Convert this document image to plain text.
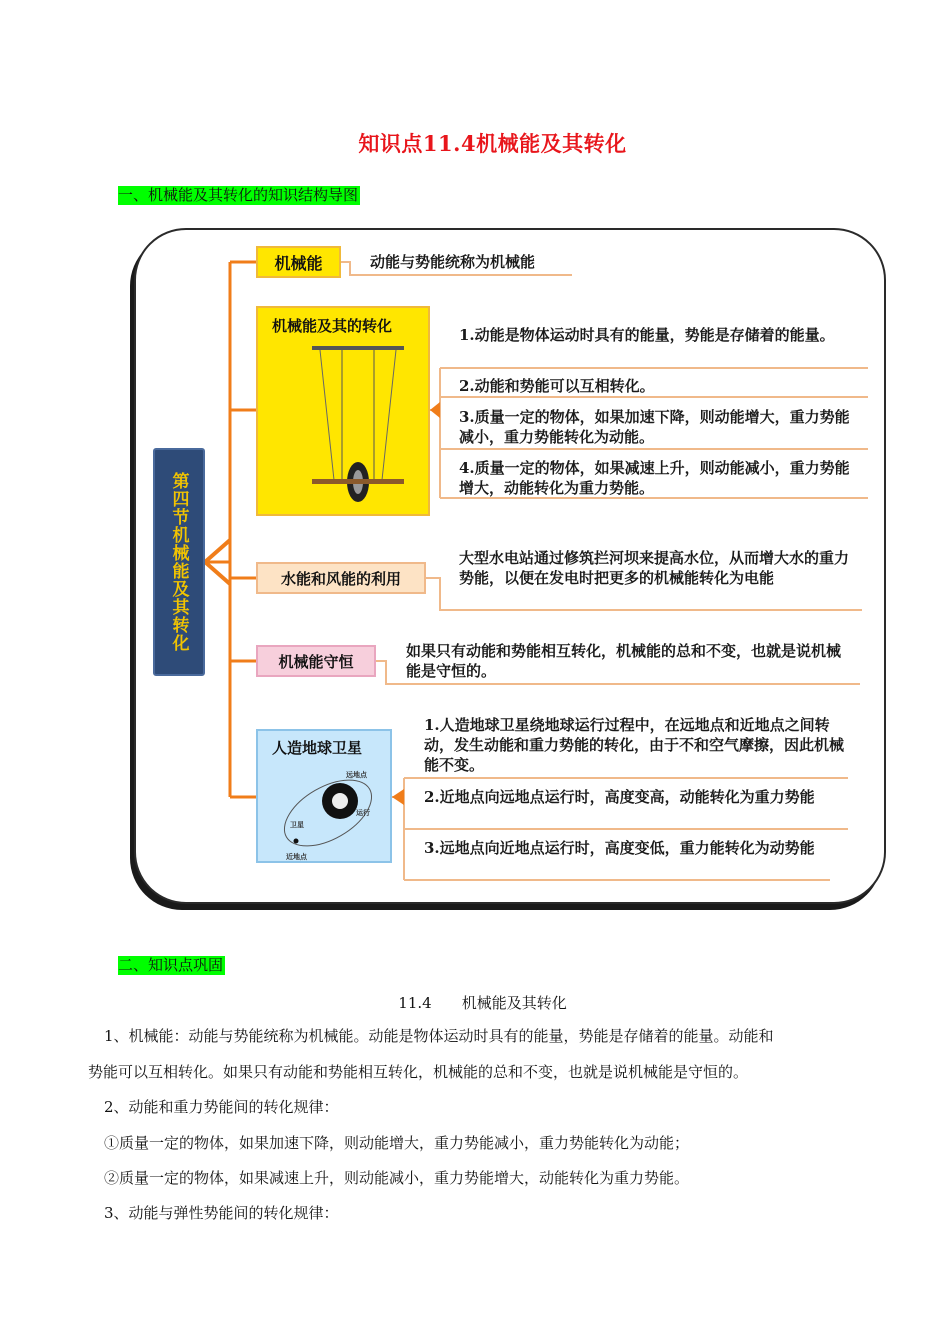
知识点11.4机械能及其转化
一、机械能及其转化的知识结构导图
第四节机械能及其转化
机械能	动能与势能统称为机械能

机械能及其的转化	1.动能是物体运动时具有的能量，势能是存储着的能量。

2.动能和势能可以互相转化。

3.质量一定的物体，如果加速下降，则动能增大，重力势能减小，重力势能转化为动能。

4.质量一定的物体，如果减速上升，则动能减小，重力势能增大，动能转化为重力势能。

水能和风能的利用

大型水电站通过修筑拦河坝来提高水位，从而增大水的重力势能，以便在发电时把更多的机械能转化为电能

机械能守恒

如果只有动能和势能相互转化，机械能的总和不变，也就是说机械能是守恒的。

人造地球卫星
远地点
运行
卫星
近地点

1.人造地球卫星绕地球运行过程中，在远地点和近地点之间转动，发生动能和重力势能的转化，由于不和空气摩擦，因此机械能不变。

2.近地点向远地点运行时，高度变高，动能转化为重力势能

3.远地点向近地点运行时，高度变低，重力能转化为动势能

二、知识点巩固
11.4　　机械能及其转化

1、机械能：动能与势能统称为机械能。动能是物体运动时具有的能量，势能是存储着的能量。动能和

势能可以互相转化。如果只有动能和势能相互转化，机械能的总和不变，也就是说机械能是守恒的。

2、动能和重力势能间的转化规律：

①质量一定的物体，如果加速下降，则动能增大，重力势能减小，重力势能转化为动能；

②质量一定的物体，如果减速上升，则动能减小，重力势能增大，动能转化为重力势能。

3、动能与弹性势能间的转化规律：
